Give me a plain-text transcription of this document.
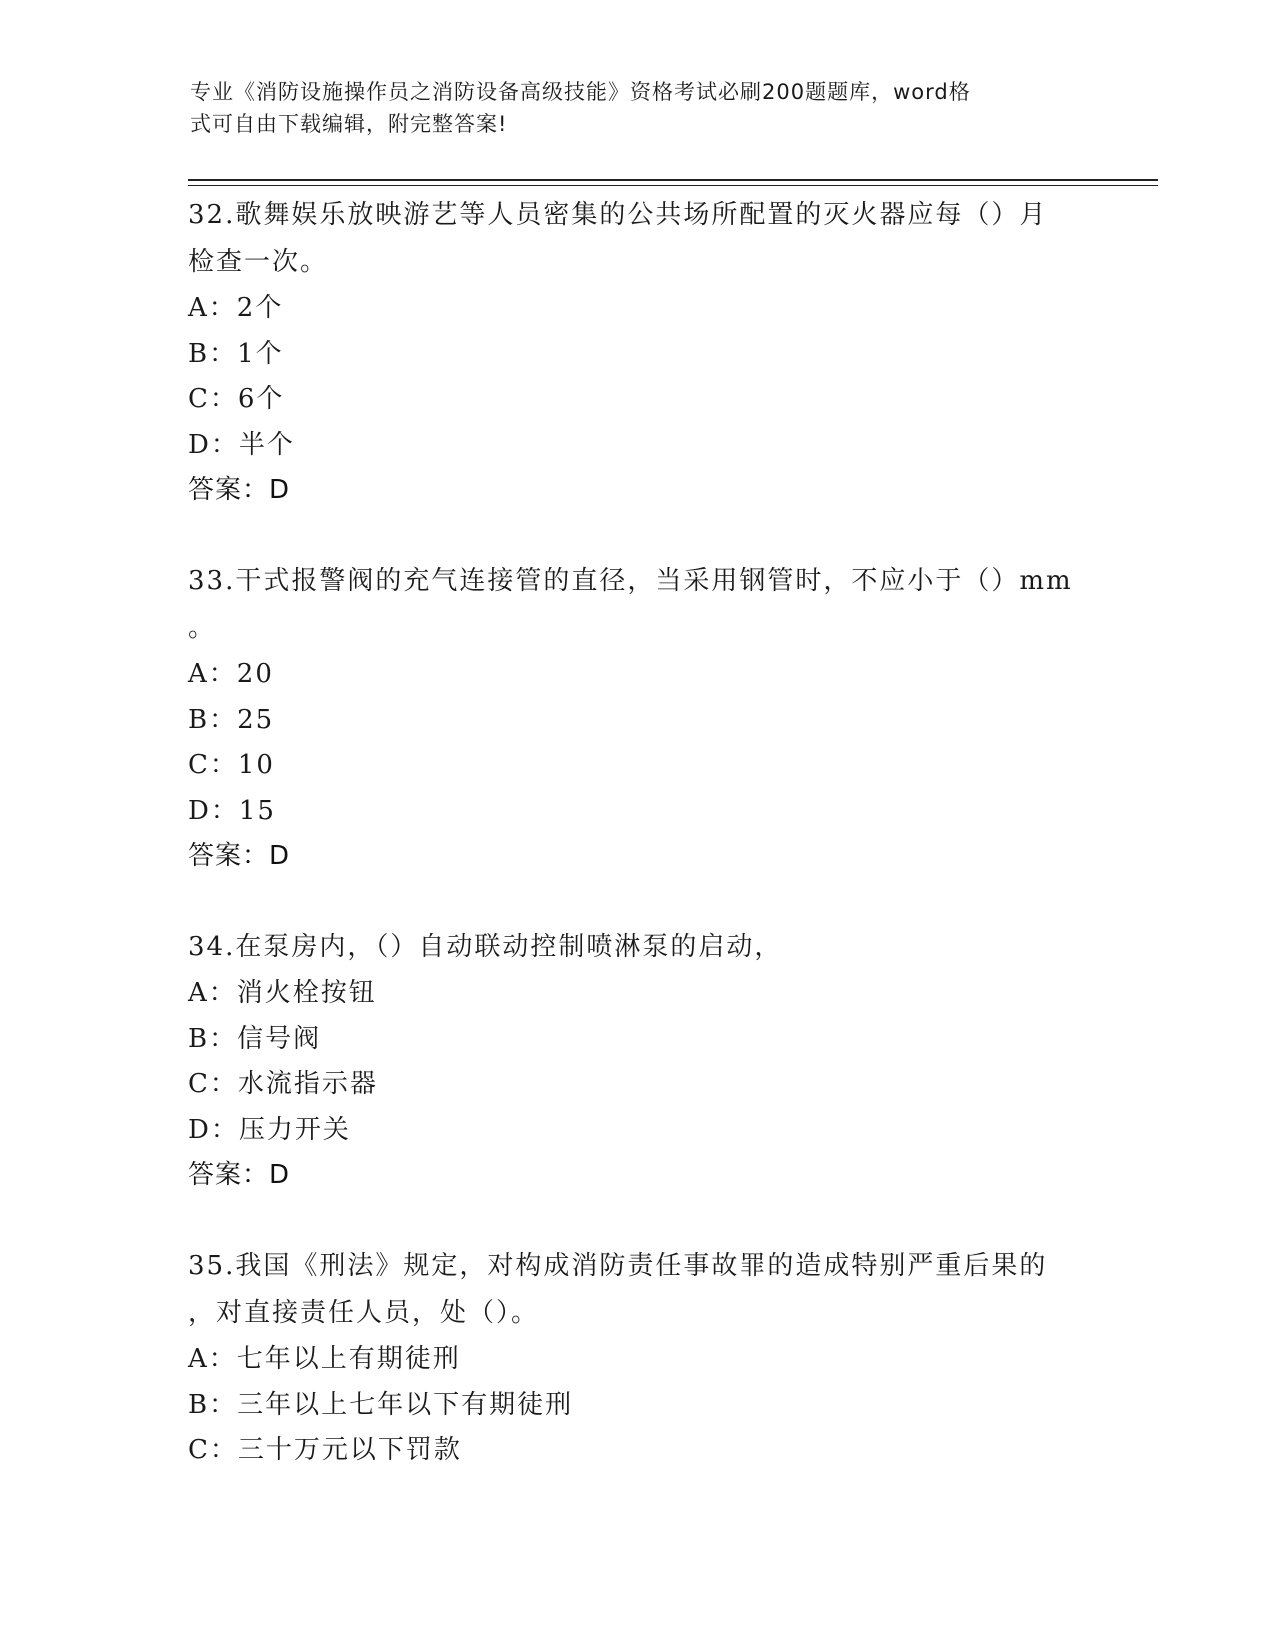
专业《消防设施操作员之消防设备高级技能》资格考试必刷200题题库，word格
式可自由下载编辑，附完整答案!
32.歌舞娱乐放映游艺等人员密集的公共场所配置的灭火器应每（）月
检查一次。
A：2个
B：1个
C：6个
D：半个
答案：D
33.干式报警阀的充气连接管的直径，当采用钢管时，不应小于（）mm
。
A：20
B：25
C：10
D：15
答案：D
34.在泵房内，（）自动联动控制喷淋泵的启动，
A：消火栓按钮
B：信号阀
C：水流指示器
D：压力开关
答案：D
35.我国《刑法》规定，对构成消防责任事故罪的造成特别严重后果的
，对直接责任人员，处（）。
A：七年以上有期徒刑
B：三年以上七年以下有期徒刑
C：三十万元以下罚款
